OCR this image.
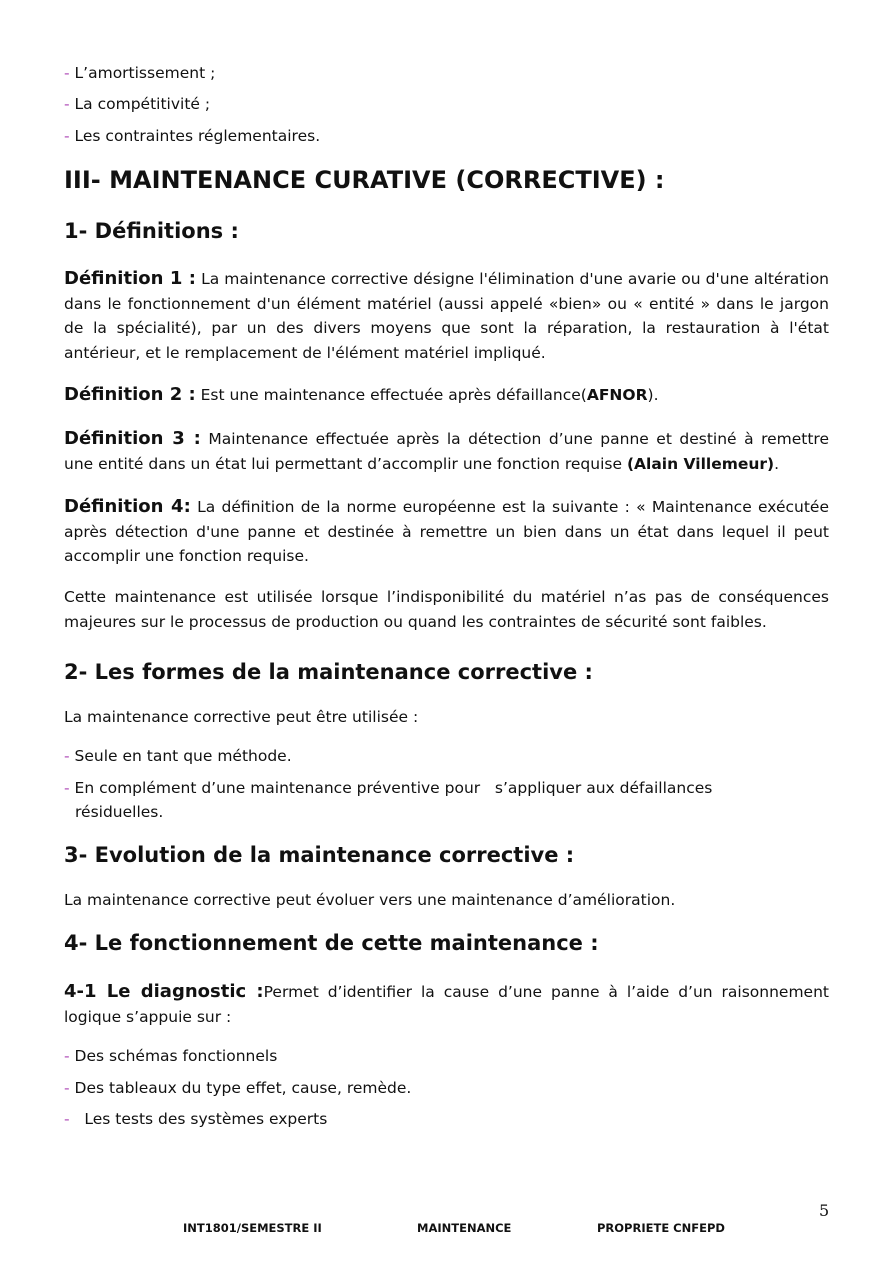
- L’amortissement ;
- La compétitivité ;
- Les contraintes réglementaires.
III- MAINTENANCE CURATIVE (CORRECTIVE) :
1- Définitions :
Définition 1 : La maintenance corrective désigne l'élimination d'une avarie ou d'une altération dans le fonctionnement d'un élément matériel (aussi appelé «bien» ou « entité » dans le jargon de la spécialité), par un des divers moyens que sont la réparation, la restauration à l'état antérieur, et le remplacement de l'élément matériel impliqué.
Définition 2 : Est une maintenance effectuée après défaillance(AFNOR).
Définition 3 : Maintenance effectuée après la détection d’une panne et destiné à remettre une entité dans un état lui permettant d’accomplir une fonction requise (Alain Villemeur).
Définition 4: La définition de la norme européenne est la suivante : « Maintenance exécutée après détection d'une panne et destinée à remettre un bien dans un état dans lequel il peut accomplir une fonction requise.
Cette maintenance est utilisée lorsque l’indisponibilité du matériel n’as pas de conséquences majeures sur le processus de production ou quand les contraintes de sécurité sont faibles.
2- Les formes de la maintenance corrective :
La maintenance corrective peut être utilisée :
- Seule en tant que méthode.
- En complément d’une maintenance préventive pour   s’appliquer aux défaillances
résiduelles.
3- Evolution de la maintenance corrective :
La maintenance corrective peut évoluer vers une maintenance d’amélioration.
4- Le fonctionnement de cette maintenance :
4-1 Le diagnostic :Permet d’identifier la cause d’une panne à l’aide d’un raisonnement logique s’appuie sur :
- Des schémas fonctionnels
- Des tableaux du type effet, cause, remède.
- Les tests des systèmes experts
5
INT1801/SEMESTRE II	MAINTENANCE	PROPRIETE CNFEPD
